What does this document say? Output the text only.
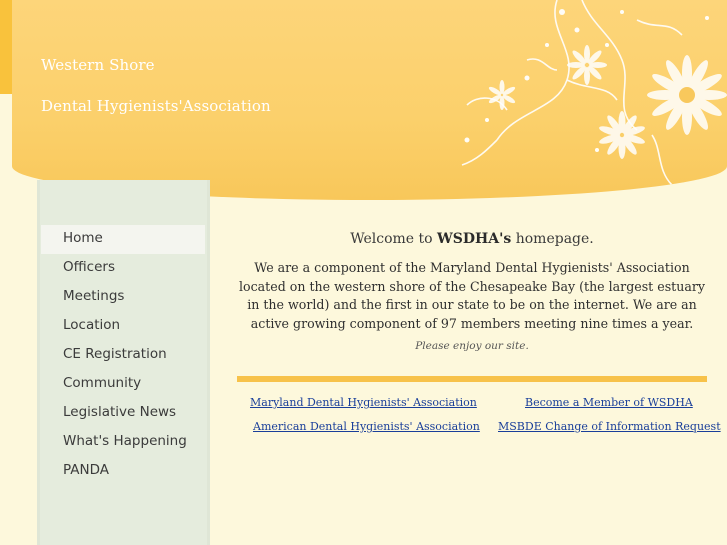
Western Shore
Dental Hygienists'Association
Home
Officers
Meetings
Location
CE Registration
Community
Legislative News
What's Happening
PANDA
Welcome to WSDHA's homepage.
We are a component of the Maryland Dental Hygienists' Association located on the western shore of the Chesapeake Bay (the largest estuary in the world) and the first in our state to be on the internet. We are an active growing component of 97 members meeting nine times a year.
Please enjoy our site.
Maryland Dental Hygienists' Association	Become a Member of WSDHA
American Dental Hygienists' Association MSBDE Change of Information Request
